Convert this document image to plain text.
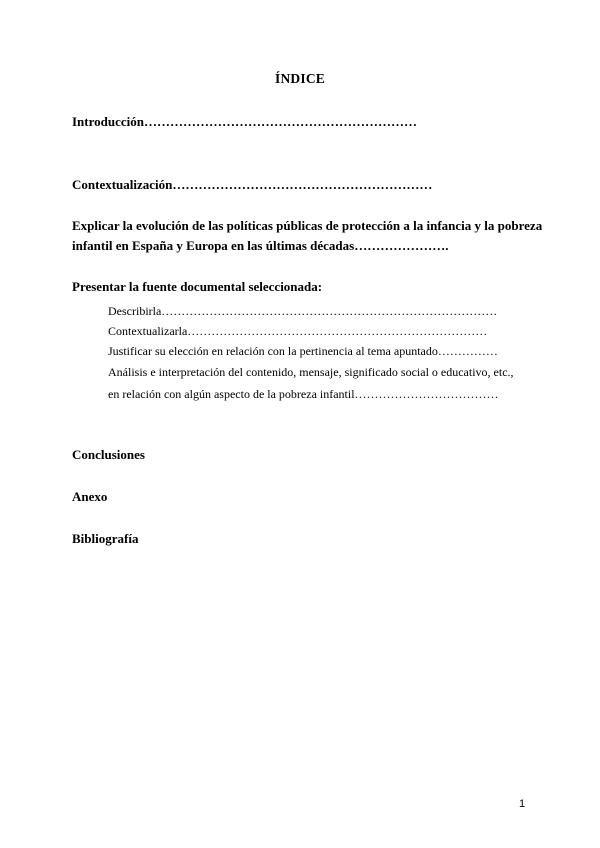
ÍNDICE
Introducción………………………………………………………
Contextualización……………………………………………………
Explicar la evolución de las políticas públicas de protección a la infancia y la pobreza
infantil en España y Europa en las últimas décadas………………….
Presentar la fuente documental seleccionada:
Describirla…………………………………………………………………………
Contextualizarla…………………………………………………………………
Justificar su elección en relación con la pertinencia al tema apuntado……………
Análisis e interpretación del contenido, mensaje, significado social o educativo, etc.,
en relación con algún aspecto de la pobreza infantil………………………………
Conclusiones
Anexo
Bibliografía
1
